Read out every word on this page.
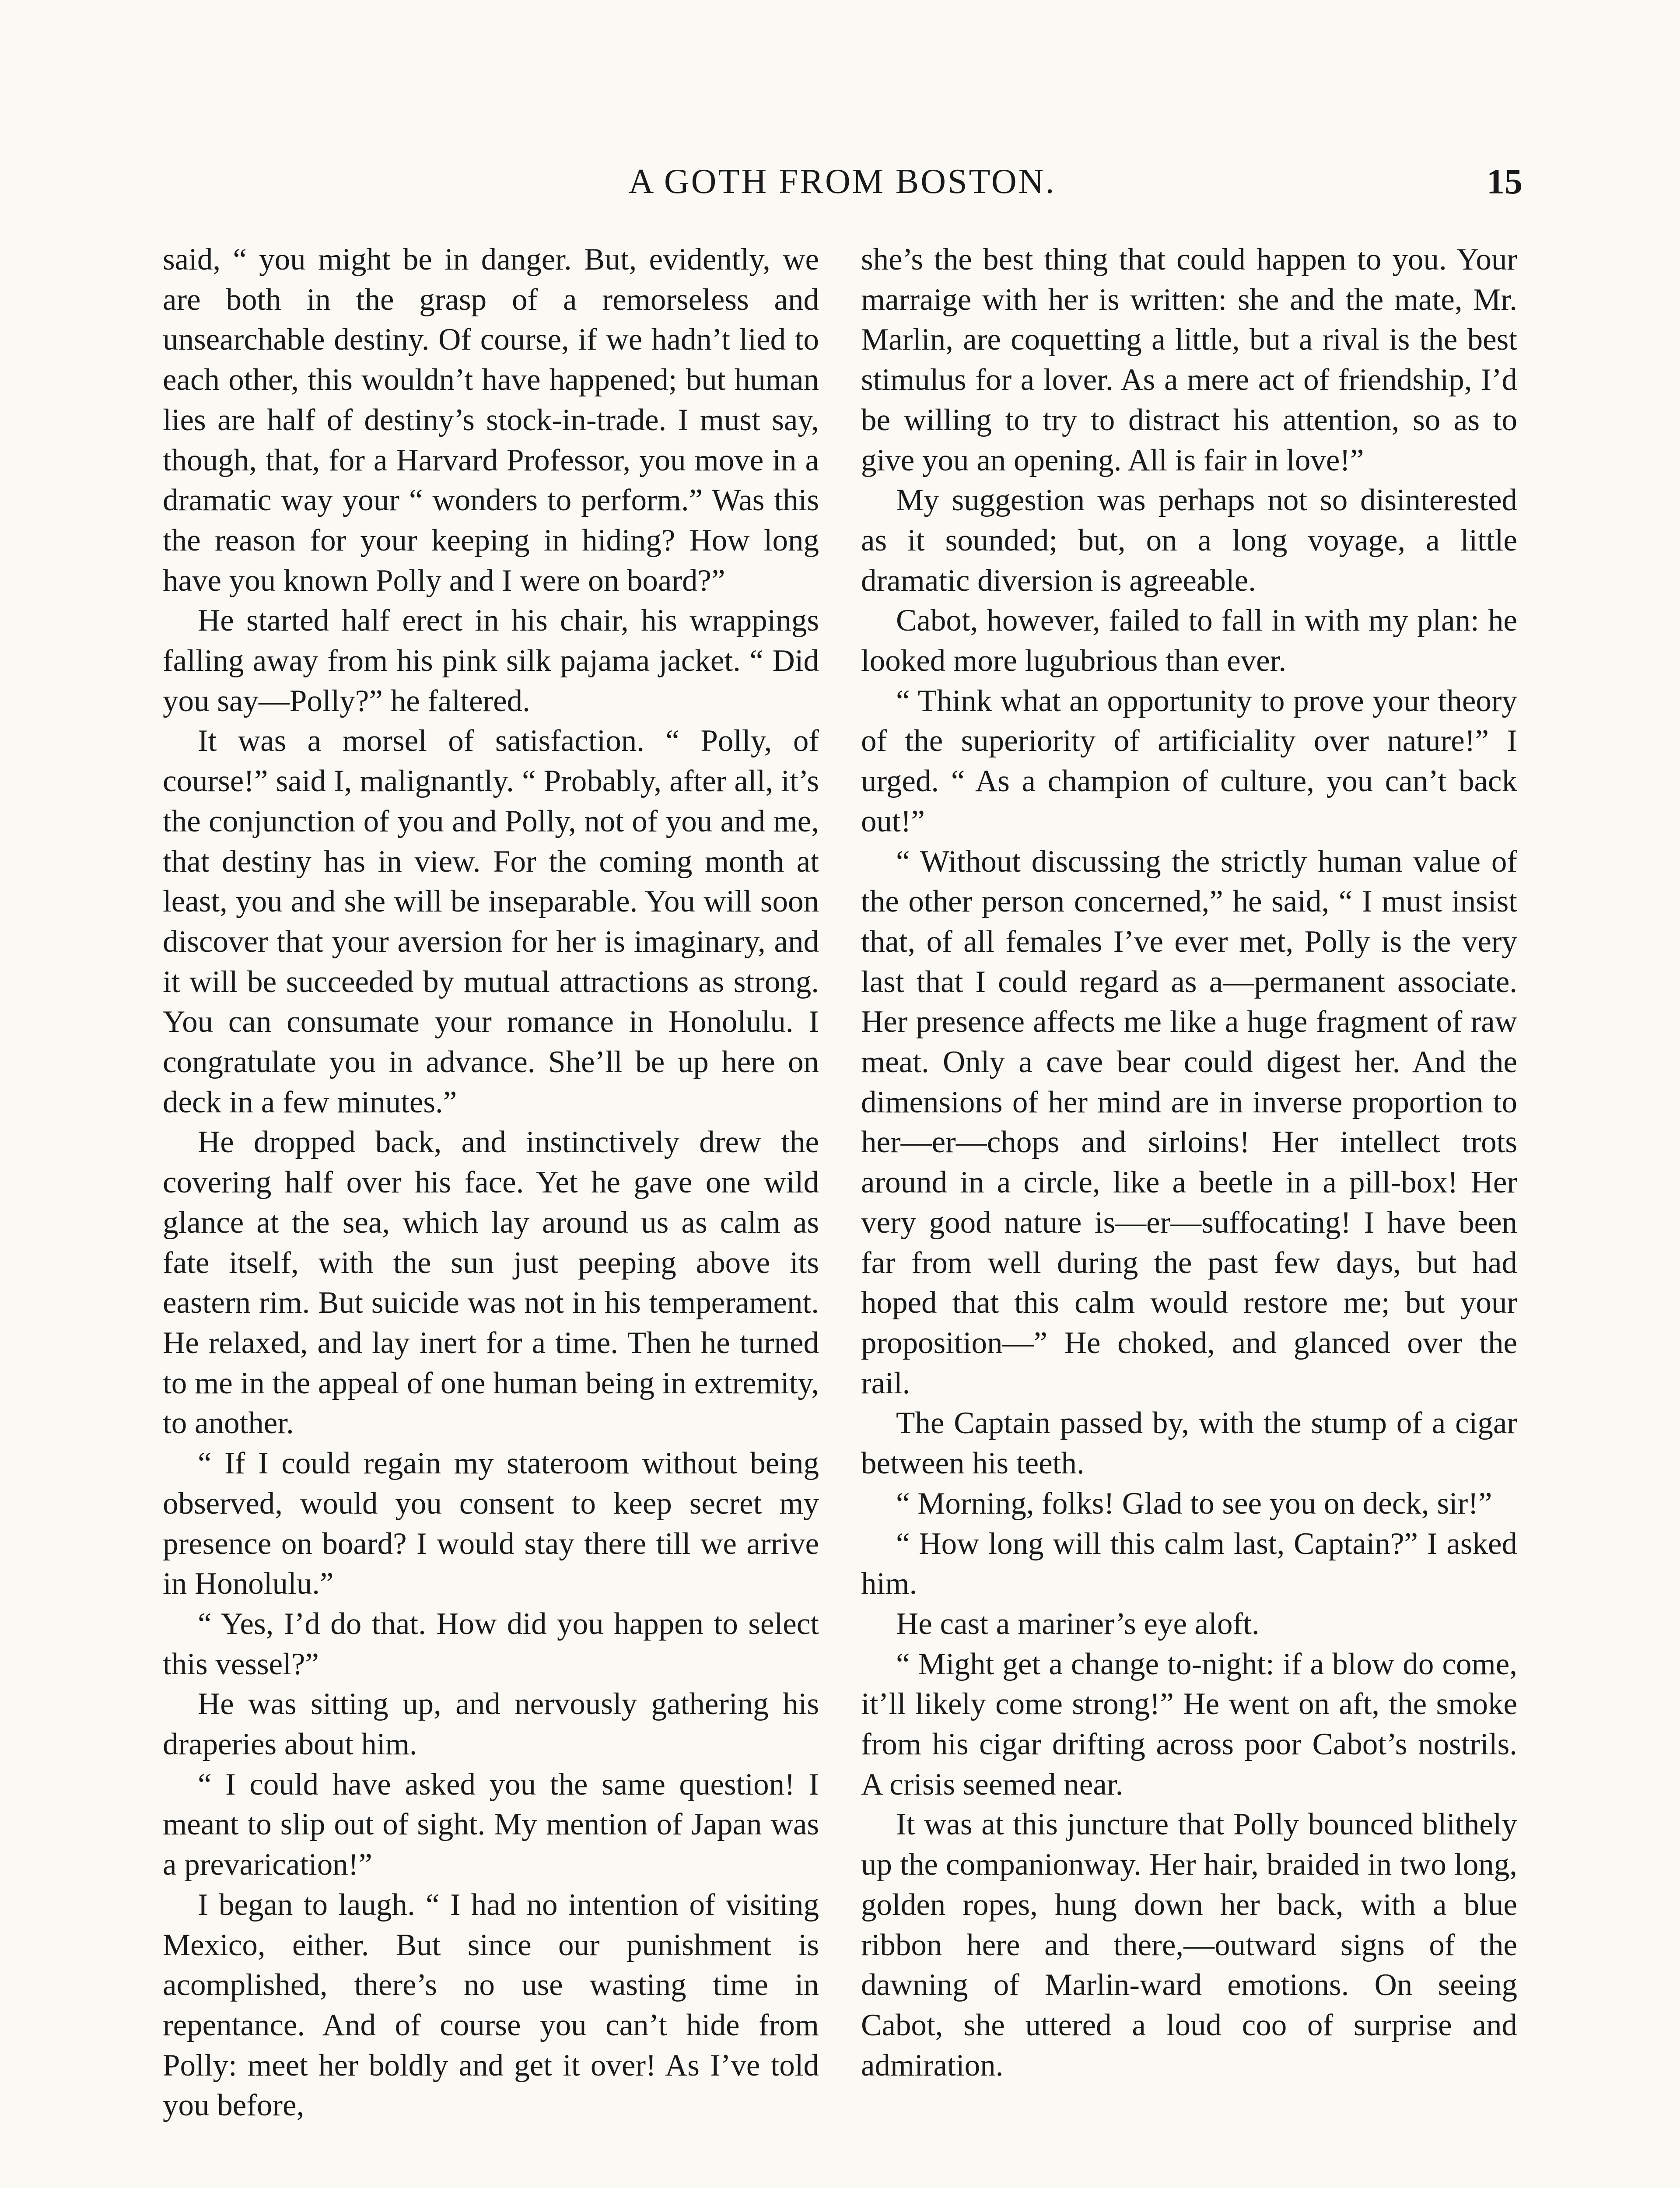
A GOTH FROM BOSTON.	15

said, “ you might be in danger. But, evidently, we are both in the grasp of a remorseless and unsearchable destiny. Of course, if we hadn’t lied to each other, this wouldn’t have happened; but human lies are half of destiny’s stock-in-trade. I must say, though, that, for a Harvard Professor, you move in a dramatic way your “ wonders to perform.” Was this the reason for your keeping in hiding? How long have you known Polly and I were on board?”

He started half erect in his chair, his wrappings falling away from his pink silk pajama jacket. “ Did you say—Polly?” he faltered.

It was a morsel of satisfaction. “ Polly, of course!” said I, malignantly. “ Probably, after all, it’s the conjunction of you and Polly, not of you and me, that destiny has in view. For the coming month at least, you and she will be inseparable. You will soon discover that your aversion for her is imaginary, and it will be succeeded by mutual attractions as strong. You can consumate your romance in Honolulu. I congratulate you in advance. She’ll be up here on deck in a few minutes.”

He dropped back, and instinctively drew the covering half over his face. Yet he gave one wild glance at the sea, which lay around us as calm as fate itself, with the sun just peeping above its eastern rim. But suicide was not in his temperament. He relaxed, and lay inert for a time. Then he turned to me in the appeal of one human being in extremity, to another.

“ If I could regain my stateroom without being observed, would you consent to keep secret my presence on board? I would stay there till we arrive in Honolulu.”

“ Yes, I’d do that. How did you happen to select this vessel?”

He was sitting up, and nervously gathering his draperies about him.

“ I could have asked you the same question! I meant to slip out of sight. My mention of Japan was a prevarication!”

I began to laugh. “ I had no intention of visiting Mexico, either. But since our punishment is acomplished, there’s no use wasting time in repentance. And of course you can’t hide from Polly: meet her boldly and get it over! As I’ve told you before,

she’s the best thing that could happen to you. Your marraige with her is written: she and the mate, Mr. Marlin, are coquetting a little, but a rival is the best stimulus for a lover. As a mere act of friendship, I’d be willing to try to distract his attention, so as to give you an opening. All is fair in love!”

My suggestion was perhaps not so disinterested as it sounded; but, on a long voyage, a little dramatic diversion is agreeable.

Cabot, however, failed to fall in with my plan: he looked more lugubrious than ever.

“ Think what an opportunity to prove your theory of the superiority of artificiality over nature!” I urged. “ As a champion of culture, you can’t back out!”

“ Without discussing the strictly human value of the other person concerned,” he said, “ I must insist that, of all females I’ve ever met, Polly is the very last that I could regard as a—permanent associate. Her presence affects me like a huge fragment of raw meat. Only a cave bear could digest her. And the dimensions of her mind are in inverse proportion to her—er—chops and sirloins! Her intellect trots around in a circle, like a beetle in a pill-box! Her very good nature is—er—suffocating! I have been far from well during the past few days, but had hoped that this calm would restore me; but your proposition—” He choked, and glanced over the rail.

The Captain passed by, with the stump of a cigar between his teeth.

“ Morning, folks! Glad to see you on deck, sir!”

“ How long will this calm last, Captain?” I asked him.

He cast a mariner’s eye aloft.

“ Might get a change to-night: if a blow do come, it’ll likely come strong!” He went on aft, the smoke from his cigar drifting across poor Cabot’s nostrils. A crisis seemed near.

It was at this juncture that Polly bounced blithely up the companionway. Her hair, braided in two long, golden ropes, hung down her back, with a blue ribbon here and there,—outward signs of the dawning of Marlin-ward emotions. On seeing Cabot, she uttered a loud coo of surprise and admiration.
